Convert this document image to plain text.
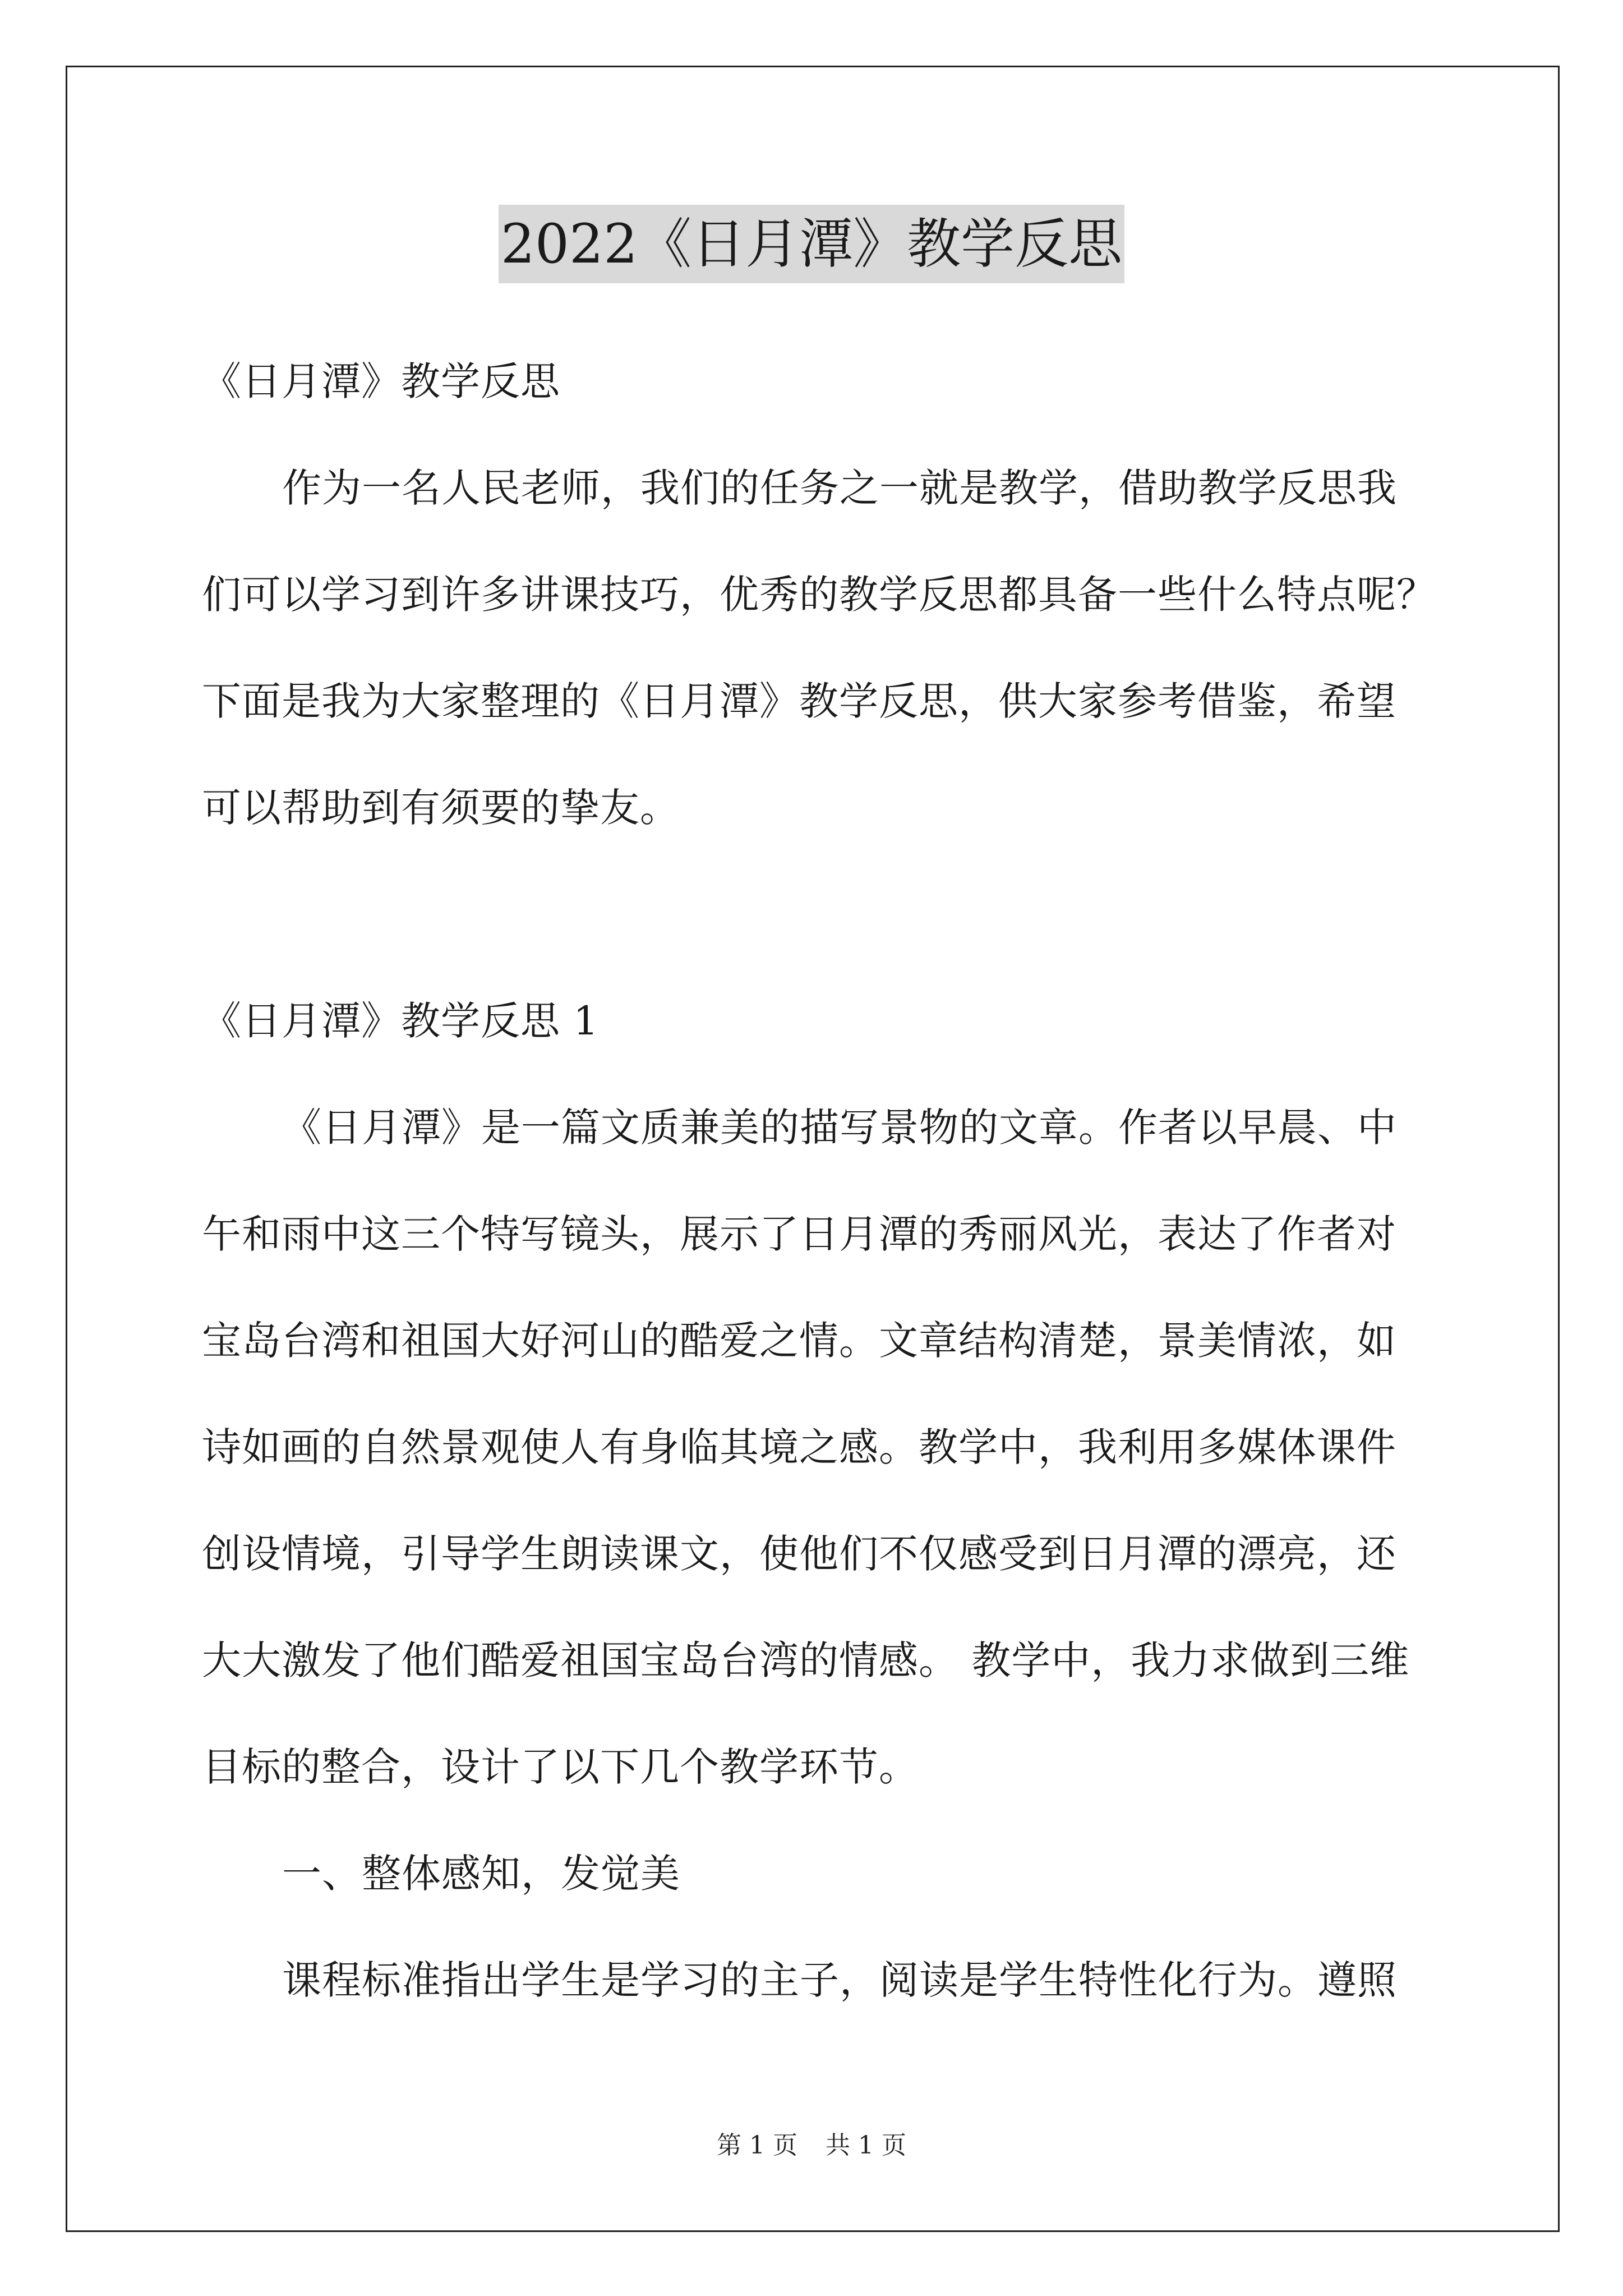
2022《日月潭》教学反思
《日月潭》教学反思
作为一名人民老师，我们的任务之一就是教学，借助教学反思我
们可以学习到许多讲课技巧，优秀的教学反思都具备一些什么特点呢？
下面是我为大家整理的《日月潭》教学反思，供大家参考借鉴，希望
可以帮助到有须要的挚友。
《日月潭》教学反思 1
《日月潭》是一篇文质兼美的描写景物的文章。作者以早晨、中
午和雨中这三个特写镜头，展示了日月潭的秀丽风光，表达了作者对
宝岛台湾和祖国大好河山的酷爱之情。文章结构清楚，景美情浓，如
诗如画的自然景观使人有身临其境之感。教学中，我利用多媒体课件
创设情境，引导学生朗读课文，使他们不仅感受到日月潭的漂亮，还
大大激发了他们酷爱祖国宝岛台湾的情感。 教学中，我力求做到三维
目标的整合，设计了以下几个教学环节。
一、整体感知，发觉美
课程标准指出学生是学习的主子，阅读是学生特性化行为。遵照
第 1 页 共 1 页
